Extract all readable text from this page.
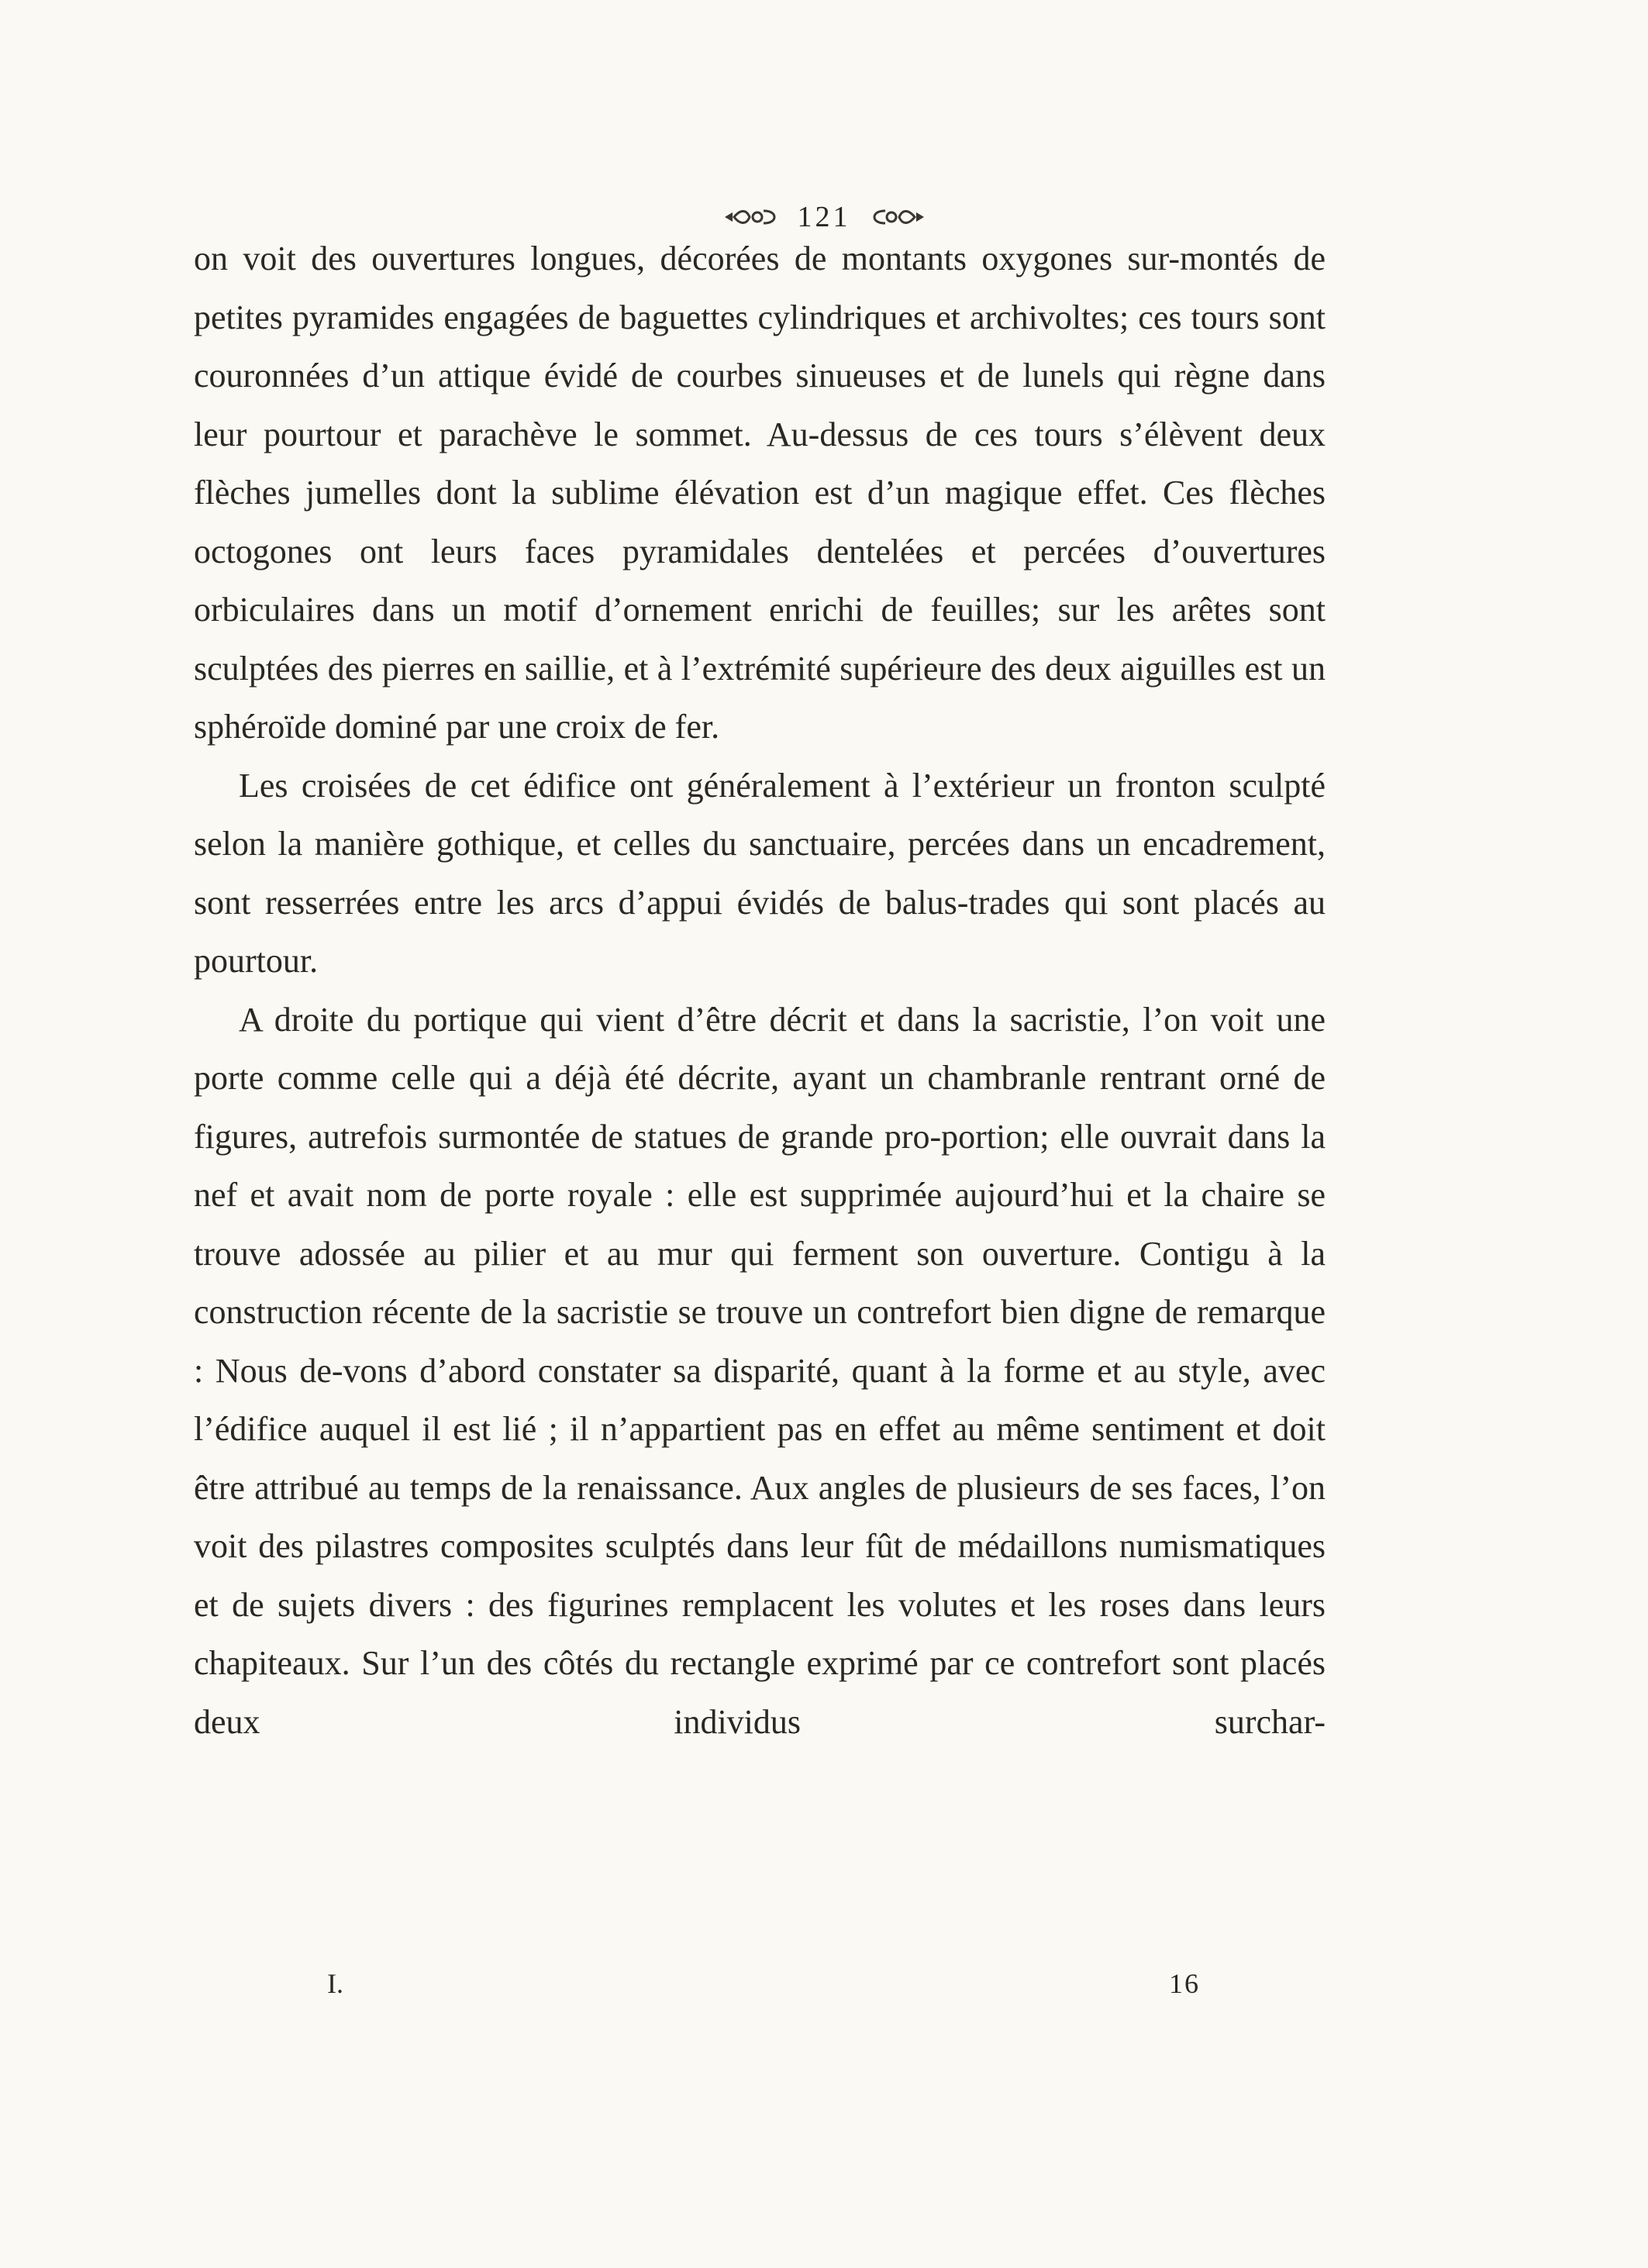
121

on voit des ouvertures longues, décorées de montants oxygones sur-montés de petites pyramides engagées de baguettes cylindriques et archivoltes; ces tours sont couronnées d’un attique évidé de courbes sinueuses et de lunels qui règne dans leur pourtour et parachève le sommet. Au-dessus de ces tours s’élèvent deux flèches jumelles dont la sublime élévation est d’un magique effet. Ces flèches octogones ont leurs faces pyramidales dentelées et percées d’ouvertures orbiculaires dans un motif d’ornement enrichi de feuilles; sur les arêtes sont sculptées des pierres en saillie, et à l’extrémité supérieure des deux aiguilles est un sphéroïde dominé par une croix de fer.

Les croisées de cet édifice ont généralement à l’extérieur un fronton sculpté selon la manière gothique, et celles du sanctuaire, percées dans un encadrement, sont resserrées entre les arcs d’appui évidés de balus-trades qui sont placés au pourtour.

A droite du portique qui vient d’être décrit et dans la sacristie, l’on voit une porte comme celle qui a déjà été décrite, ayant un chambranle rentrant orné de figures, autrefois surmontée de statues de grande pro-portion; elle ouvrait dans la nef et avait nom de porte royale : elle est supprimée aujourd’hui et la chaire se trouve adossée au pilier et au mur qui ferment son ouverture. Contigu à la construction récente de la sacristie se trouve un contrefort bien digne de remarque : Nous de-vons d’abord constater sa disparité, quant à la forme et au style, avec l’édifice auquel il est lié ; il n’appartient pas en effet au même sentiment et doit être attribué au temps de la renaissance. Aux angles de plusieurs de ses faces, l’on voit des pilastres composites sculptés dans leur fût de médaillons numismatiques et de sujets divers : des figurines remplacent les volutes et les roses dans leurs chapiteaux. Sur l’un des côtés du rectangle exprimé par ce contrefort sont placés deux individus surchar-

I.	16
